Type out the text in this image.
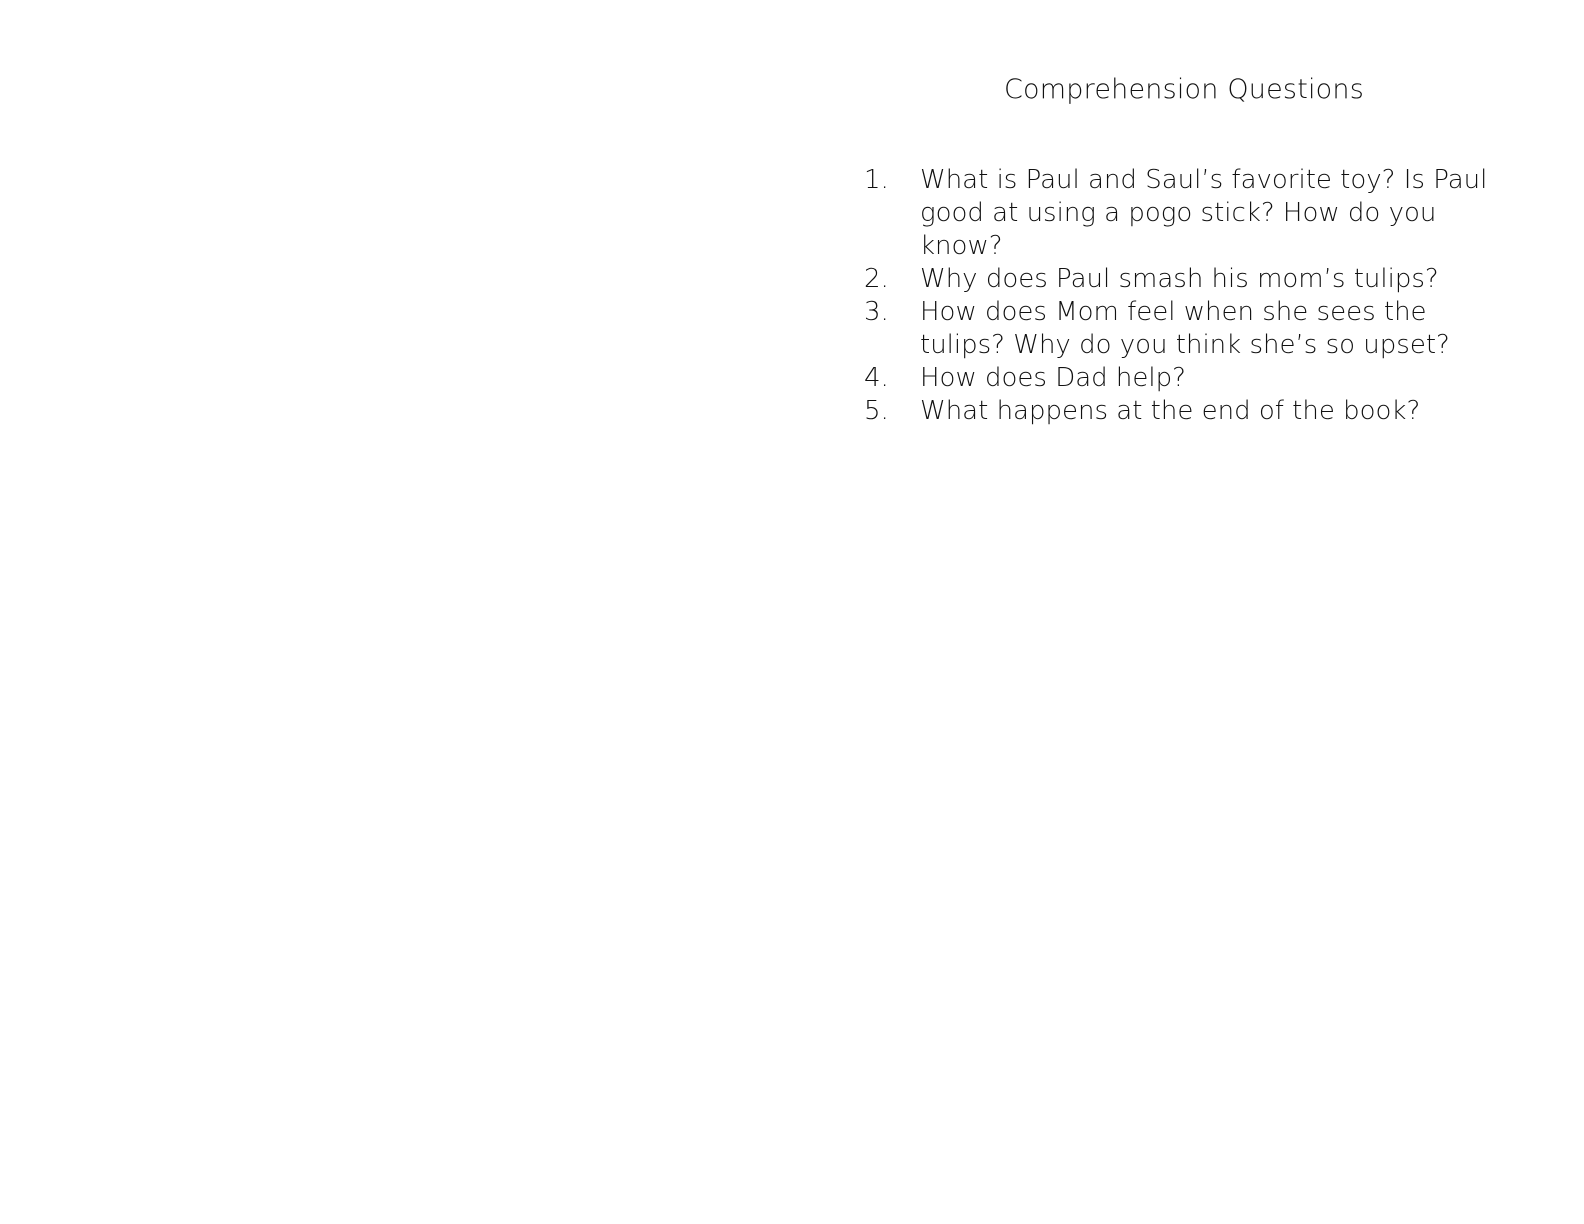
Comprehension Questions
1.	What is Paul and Saul’s favorite toy? Is Paul good at using a pogo stick? How do you know?
2.	Why does Paul smash his mom’s tulips?
3.	How does Mom feel when she sees the tulips? Why do you think she’s so upset?
4.	How does Dad help?
5.	What happens at the end of the book?
